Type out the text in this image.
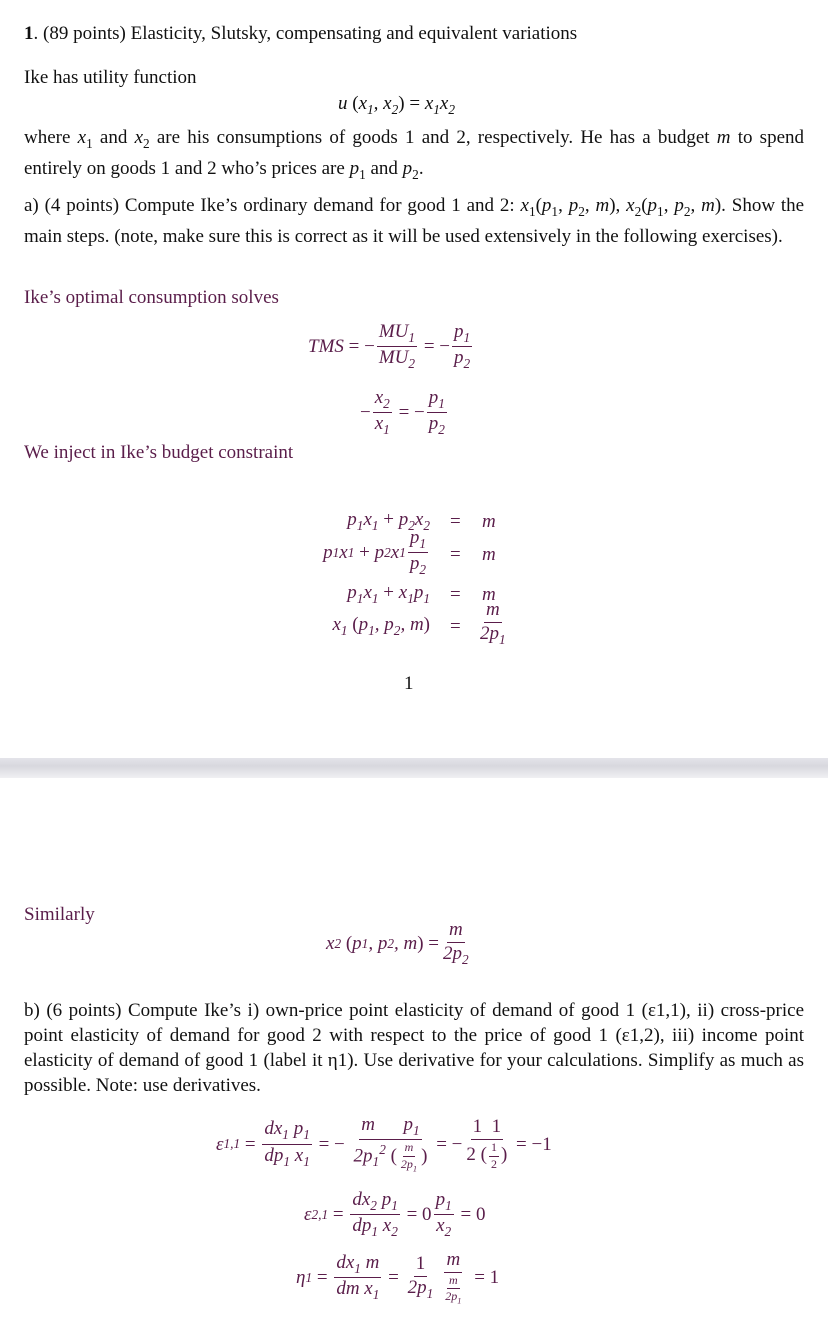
1. (89 points) Elasticity, Slutsky, compensating and equivalent variations
Ike has utility function
u ($x_1$, $x_2) = x_1x_2$
where $x_1$ and $x_2$ are his consumptions of goods 1 and 2, respectively. He has a budget m to spend entirely on goods 1 and 2 who’s prices are $p_1$ and $p_2$.
a) (4 points) Compute Ike’s ordinary demand for good 1 and 2: $x_1(p_1$, $p_2$, m), $x_2(p_1$, $p_2$, m). Show the main steps. (note, make sure this is correct as it will be used extensively in the following exercises).
Ike’s optimal consumption solves
TMS = − $\frac{MU_1}{MU_2}$ = − $\frac{p_1}{p_2}$
− $\frac{x_2}{x_1}$ = − $\frac{p_1}{p_2}$
We inject in Ike’s budget constraint
$p_1x_1 + p_2x_2 = m$
p 1 x 1
+ p 2 x $1 \frac{p_1}{p_2} = m$
$p_1x_1 + x_1p_1 = m$
$x_1$ ($p_1$, $p_2$, $m) = \frac{m}{2p_1}$
1
Similarly
x 2
( p 1 , p 2 , m ) = $\frac{m}{2p_2}$
b) (6 points) Compute Ike’s i) own-price point elasticity of demand of good 1 (ε1,1), ii) cross-price point elasticity of demand for good 2 with respect to the price of good 1 (ε1,2), iii) income point elasticity of demand of good 1 (label it η1). Use derivative for your calculations. Simplify as much as possible. Note: use derivatives.
ε $1,1 = \frac{dx_1 p_1}{dp_1 x_1}$ = − $\frac{m p_1}{2p_1^2 ( \frac{m}{2p_1} )}$ = − $\frac{1 1}{2 ( \frac{1}{2} )} = -1$
ε $2,1 = \frac{dx_2 p_1}{dp_1 x_2} = 0 \frac{p_1}{x_2} = 0$
η $1 = \frac{dx_1 m}{dm x_1} = \frac{1}{2p_1} \frac{m}{\frac{m}{2p_1}} = 1$
